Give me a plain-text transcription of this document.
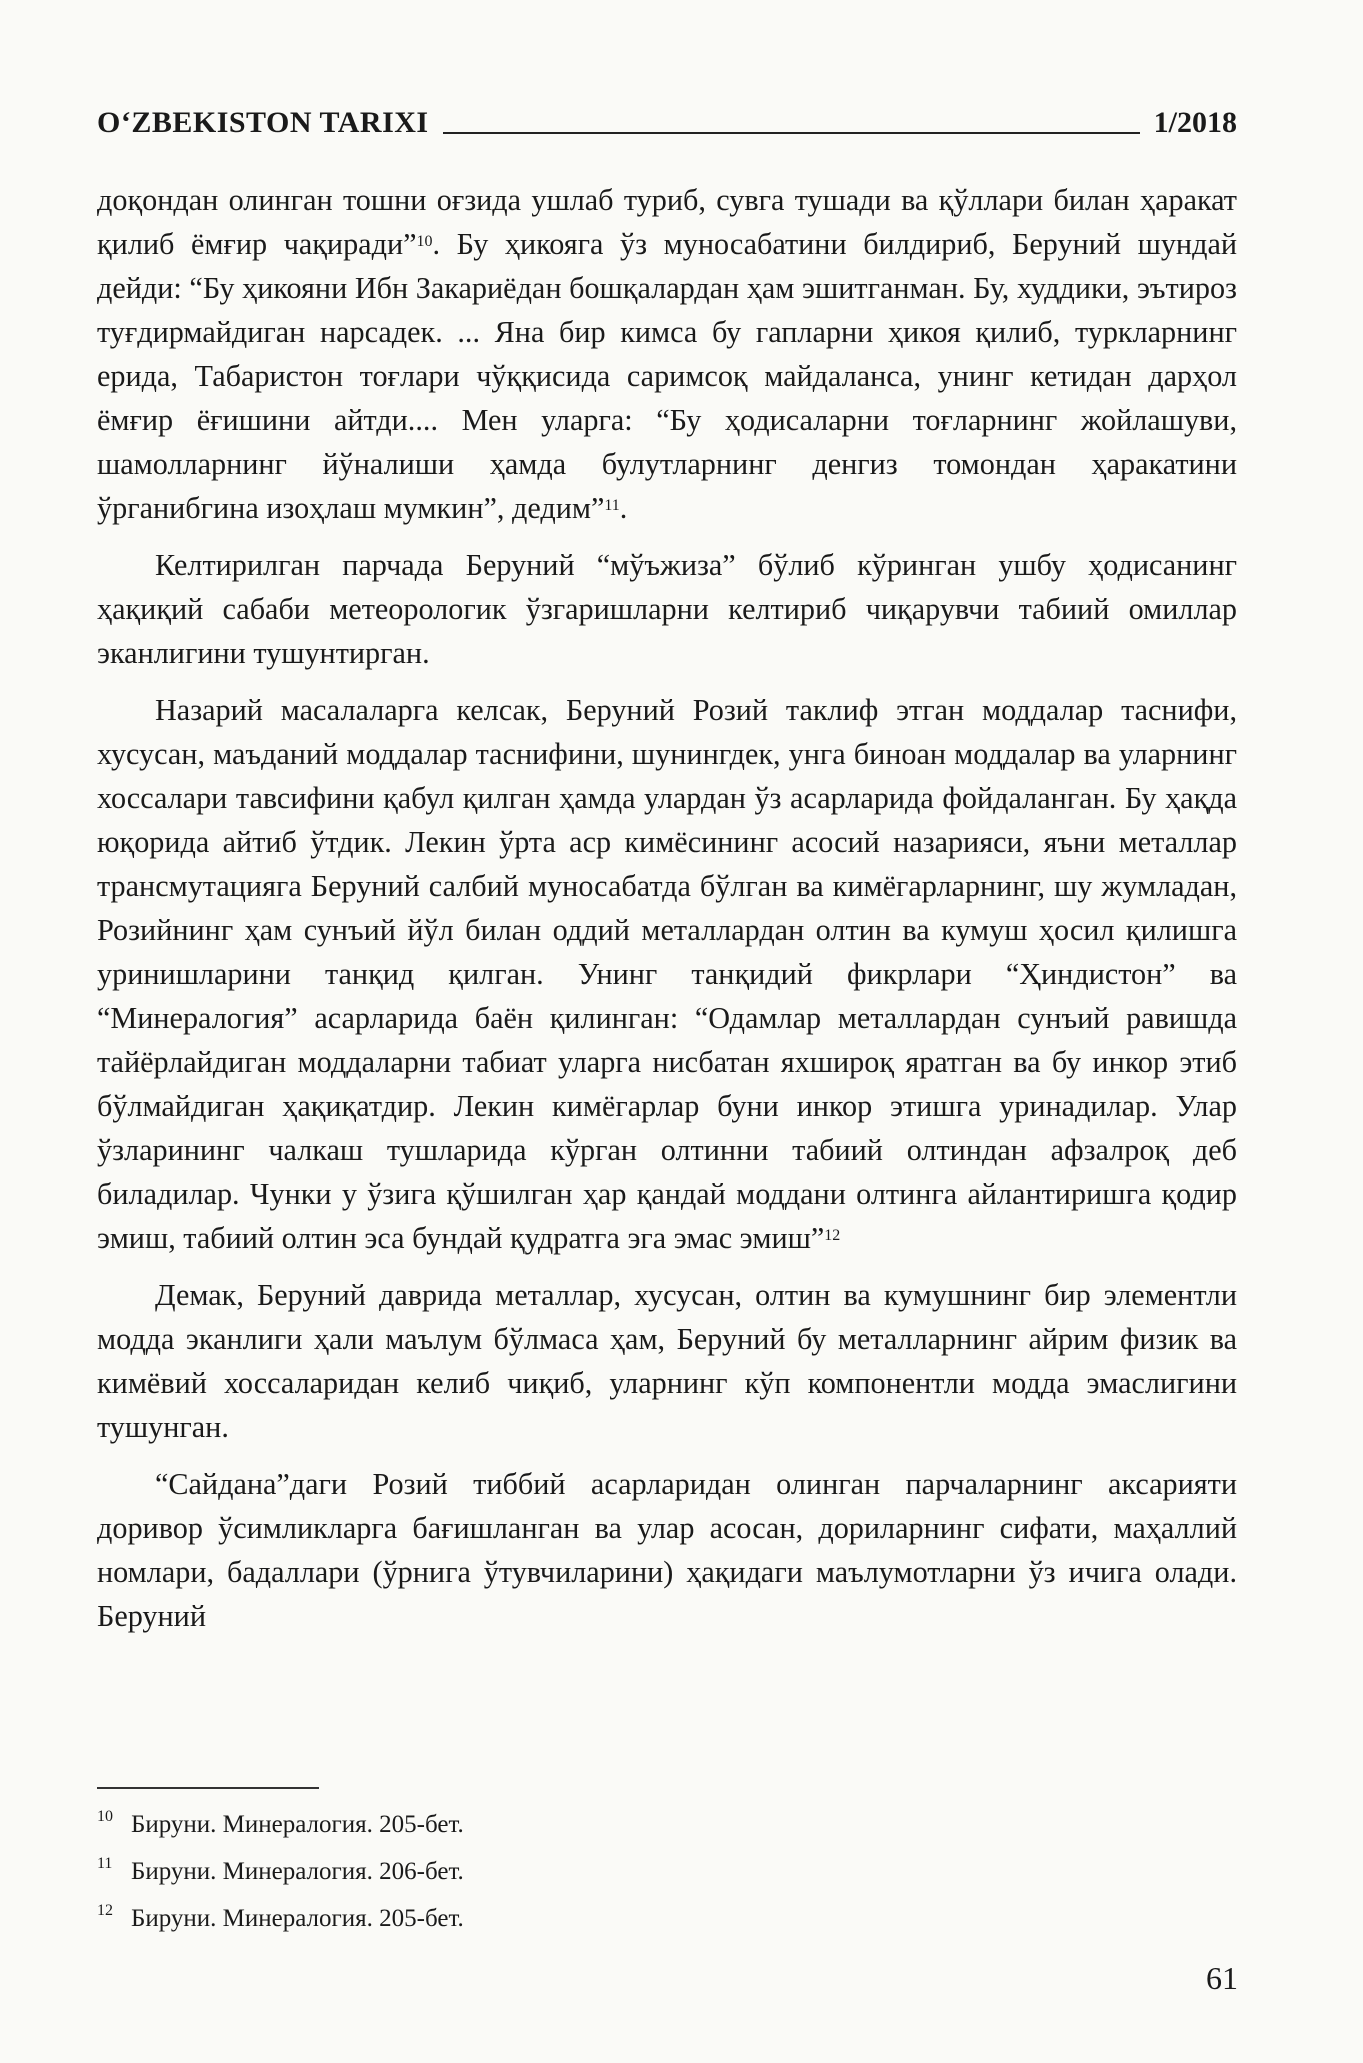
O‘ZBEKISTON TARIXI	1/2018

доқондан олинган тошни оғзида ушлаб туриб, сувга тушади ва қўллари билан ҳаракат қилиб ёмғир чақиради”$^{10}$. Бу ҳикояга ўз муносабатини билдириб, Беруний шундай дейди: “Бу ҳикояни Ибн Закариёдан бошқалардан ҳам эшитганман. Бу, худдики, эътироз туғдирмайдиган нарсадек. ... Яна бир кимса бу гапларни ҳикоя қилиб, туркларнинг ерида, Табаристон тоғлари чўққисида саримсоқ майдаланса, унинг кетидан дарҳол ёмғир ёғишини айтди.... Мен уларга: “Бу ҳодисаларни тоғларнинг жойлашуви, шамолларнинг йўналиши ҳамда булутларнинг денгиз томондан ҳаракатини ўрганибгина изоҳлаш мумкин”, дедим”$^{11}$.

Келтирилган парчада Беруний “мўъжиза” бўлиб кўринган ушбу ҳодисанинг ҳақиқий сабаби метеорологик ўзгаришларни келтириб чиқарувчи табиий омиллар эканлигини тушунтирган.

Назарий масалаларга келсак, Беруний Розий таклиф этган моддалар таснифи, хусусан, маъданий моддалар таснифини, шунингдек, унга биноан моддалар ва уларнинг хоссалари тавсифини қабул қилган ҳамда улардан ўз асарларида фойдаланган. Бу ҳақда юқорида айтиб ўтдик. Лекин ўрта аср кимёсининг асосий назарияси, яъни металлар трансмутацияга Беруний салбий муносабатда бўлган ва кимёгарларнинг, шу жумладан, Розийнинг ҳам сунъий йўл билан оддий металлардан олтин ва кумуш ҳосил қилишга уринишларини танқид қилган. Унинг танқидий фикрлари “Ҳиндистон” ва “Минералогия” асарларида баён қилинган: “Одамлар металлардан сунъий равишда тайёрлайдиган моддаларни табиат уларга нисбатан яхшироқ яратган ва бу инкор этиб бўлмайдиган ҳақиқатдир. Лекин кимёгарлар буни инкор этишга уринадилар. Улар ўзларининг чалкаш тушларида кўрган олтинни табиий олтиндан афзалроқ деб биладилар. Чунки у ўзига қўшилган ҳар қандай моддани олтинга айлантиришга қодир эмиш, табиий олтин эса бундай қудратга эга эмас эмиш”$^{12}$

Демак, Беруний даврида металлар, хусусан, олтин ва кумушнинг бир элементли модда эканлиги ҳали маълум бўлмаса ҳам, Беруний бу металларнинг айрим физик ва кимёвий хоссаларидан келиб чиқиб, уларнинг кўп компонентли модда эмаслигини тушунган.

“Сайдана”даги Розий тиббий асарларидан олинган парчаларнинг аксарияти доривор ўсимликларга бағишланган ва улар асосан, дориларнинг сифати, маҳаллий номлари, бадаллари (ўрнига ўтувчиларини) ҳақидаги маълумотларни ўз ичига олади. Беруний

10 Бируни. Минералогия. 205-бет.
11 Бируни. Минералогия. 206-бет.
12 Бируни. Минералогия. 205-бет.
61
